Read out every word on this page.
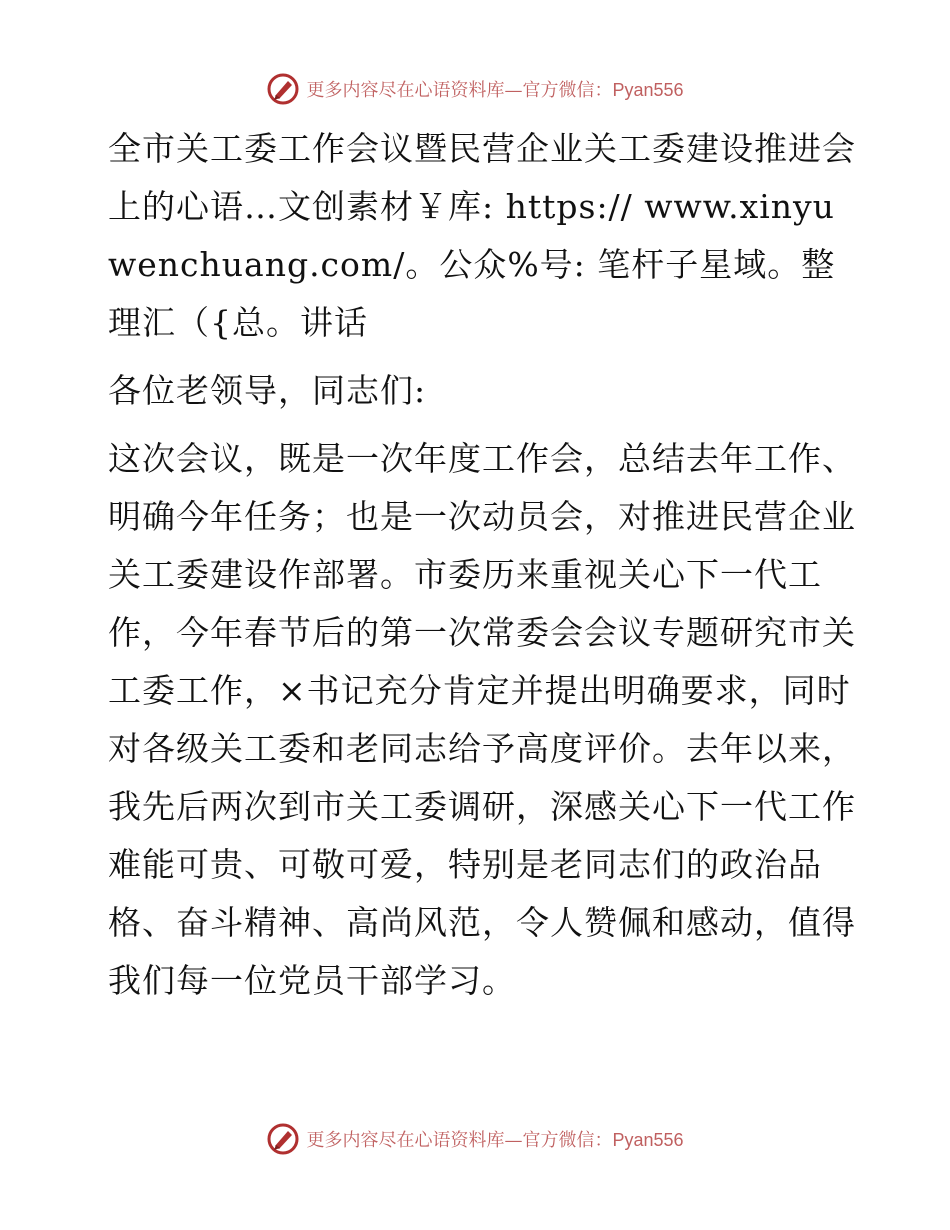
更多内容尽在心语资料库—官方微信：Pyan556

全市关工委工作会议暨民营企业关工委建设推进会上的心语…文创素材￥库: https:// www.xinyuwenchuang.com/。公众%号: 笔杆子星域。整理汇（{总。讲话

各位老领导，同志们:

这次会议，既是一次年度工作会，总结去年工作、明确今年任务；也是一次动员会，对推进民营企业关工委建设作部署。市委历来重视关心下一代工作，今年春节后的第一次常委会会议专题研究市关工委工作，×书记充分肯定并提出明确要求，同时对各级关工委和老同志给予高度评价。去年以来，我先后两次到市关工委调研，深感关心下一代工作难能可贵、可敬可爱，特别是老同志们的政治品格、奋斗精神、高尚风范，令人赞佩和感动，值得我们每一位党员干部学习。

更多内容尽在心语资料库—官方微信：Pyan556
